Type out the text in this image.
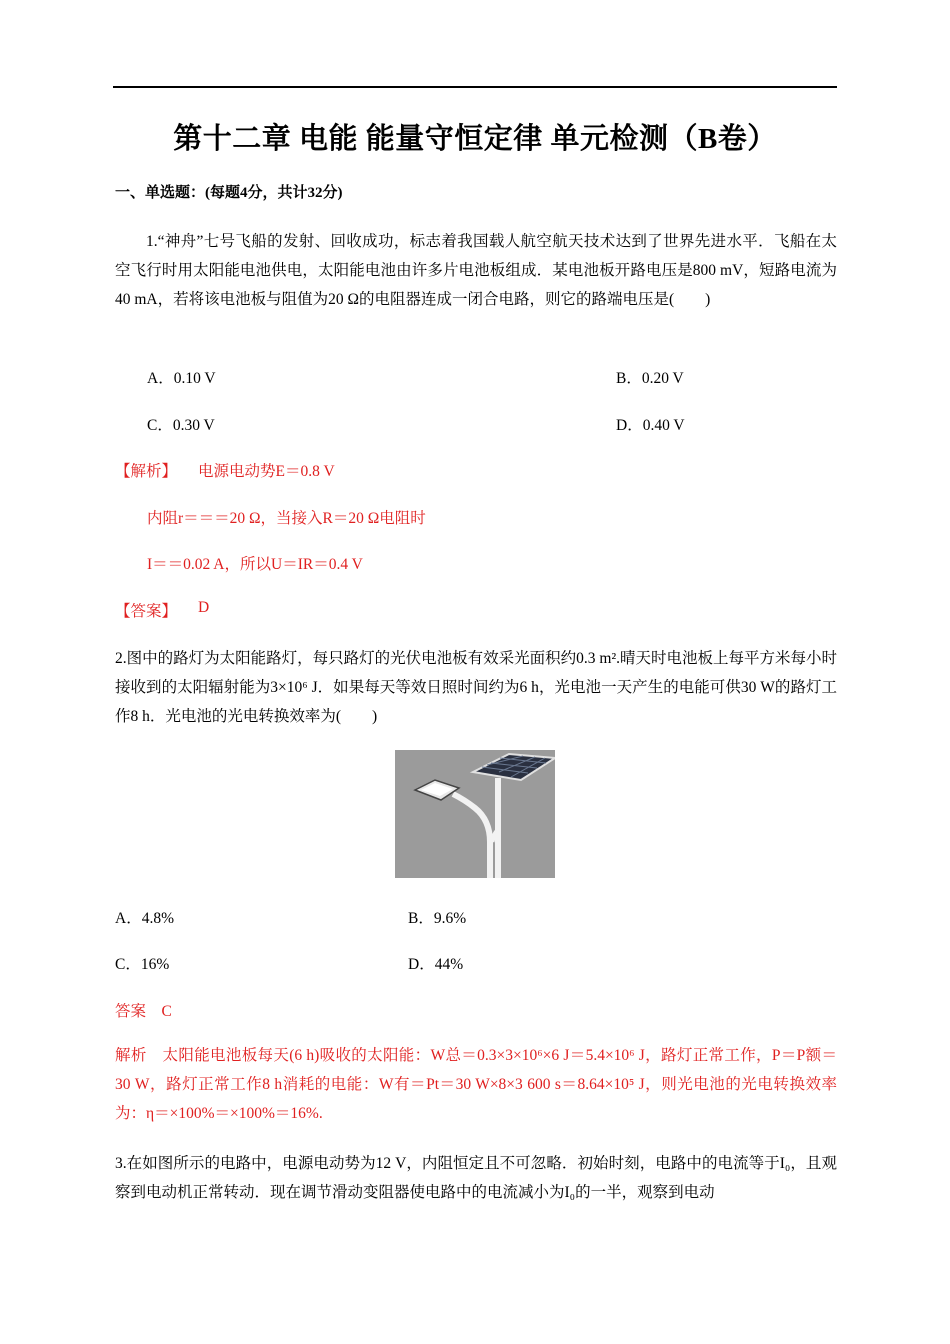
第十二章 电能 能量守恒定律 单元检测（B卷）
一、单选题：(每题4分，共计32分)
1.“神舟”七号飞船的发射、回收成功，标志着我国载人航空航天技术达到了世界先进水平．飞船在太空飞行时用太阳能电池供电，太阳能电池由许多片电池板组成．某电池板开路电压是800 mV，短路电流为40 mA，若将该电池板与阻值为20 Ω的电阻器连成一闭合电路，则它的路端电压是(　　)
A．0.10 V	B．0.20 V
C．0.30 V	D．0.40 V
【解析】 电源电动势E＝0.8 V
内阻r＝＝＝20 Ω，当接入R＝20 Ω电阻时
I＝＝0.02 A，所以U＝IR＝0.4 V
【答案】 D
2.图中的路灯为太阳能路灯，每只路灯的光伏电池板有效采光面积约0.3 m².晴天时电池板上每平方米每小时接收到的太阳辐射能为3×10⁶ J．如果每天等效日照时间约为6 h，光电池一天产生的电能可供30 W的路灯工作8 h．光电池的光电转换效率为(　　)
A．4.8%	B．9.6%
C．16%	D．44%
答案　C
解析　太阳能电池板每天(6 h)吸收的太阳能：W总＝0.3×3×10⁶×6 J＝5.4×10⁶ J，路灯正常工作，P＝P额＝30 W，路灯正常工作8 h消耗的电能：W有＝Pt＝30 W×8×3 600 s＝8.64×10⁵ J，则光电池的光电转换效率为：η＝×100%＝×100%＝16%.
3.在如图所示的电路中，电源电动势为12 V，内阻恒定且不可忽略．初始时刻，电路中的电流等于I₀，且观察到电动机正常转动．现在调节滑动变阻器使电路中的电流减小为I₀的一半，观察到电动
